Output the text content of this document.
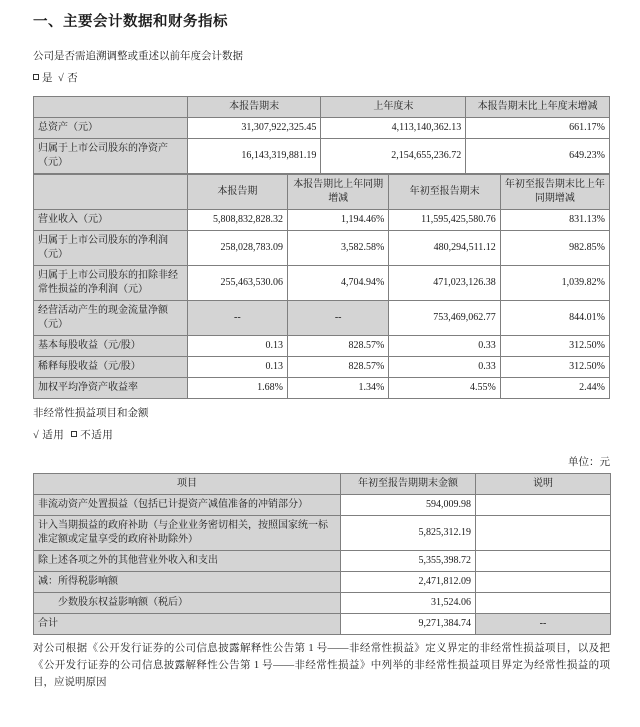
一、主要会计数据和财务指标

公司是否需追溯调整或重述以前年度会计数据

是 √ 否

	本报告期末	上年度末	本报告期末比上年度末增减
总资产（元）	31,307,922,325.45	4,113,140,362.13	661.17%
归属于上市公司股东的净资产（元）	16,143,319,881.19	2,154,655,236.72	649.23%
	本报告期	本报告期比上年同期增减	年初至报告期末	年初至报告期末比上年同期增减
营业收入（元）	5,808,832,828.32	1,194.46%	11,595,425,580.76	831.13%
归属于上市公司股东的净利润（元）	258,028,783.09	3,582.58%	480,294,511.12	982.85%
归属于上市公司股东的扣除非经常性损益的净利润（元）	255,463,530.06	4,704.94%	471,023,126.38	1,039.82%
经营活动产生的现金流量净额（元）	--	--	753,469,062.77	844.01%
基本每股收益（元/股）	0.13	828.57%	0.33	312.50%
稀释每股收益（元/股）	0.13	828.57%	0.33	312.50%
加权平均净资产收益率	1.68%	1.34%	4.55%	2.44%

非经常性损益项目和金额

√ 适用 不适用

单位：元

项目	年初至报告期期末金额	说明
非流动资产处置损益（包括已计提资产减值准备的冲销部分）	594,009.98	
计入当期损益的政府补助（与企业业务密切相关，按照国家统一标准定额或定量享受的政府补助除外）	5,825,312.19	
除上述各项之外的其他营业外收入和支出	5,355,398.72	
减：所得税影响额	2,471,812.09	
　　少数股东权益影响额（税后）	31,524.06	
合计	9,271,384.74	--

对公司根据《公开发行证券的公司信息披露解释性公告第 1 号——非经常性损益》定义界定的非经常性损益项目，以及把《公开发行证券的公司信息披露解释性公告第 1 号——非经常性损益》中列举的非经常性损益项目界定为经常性损益的项目，应说明原因
